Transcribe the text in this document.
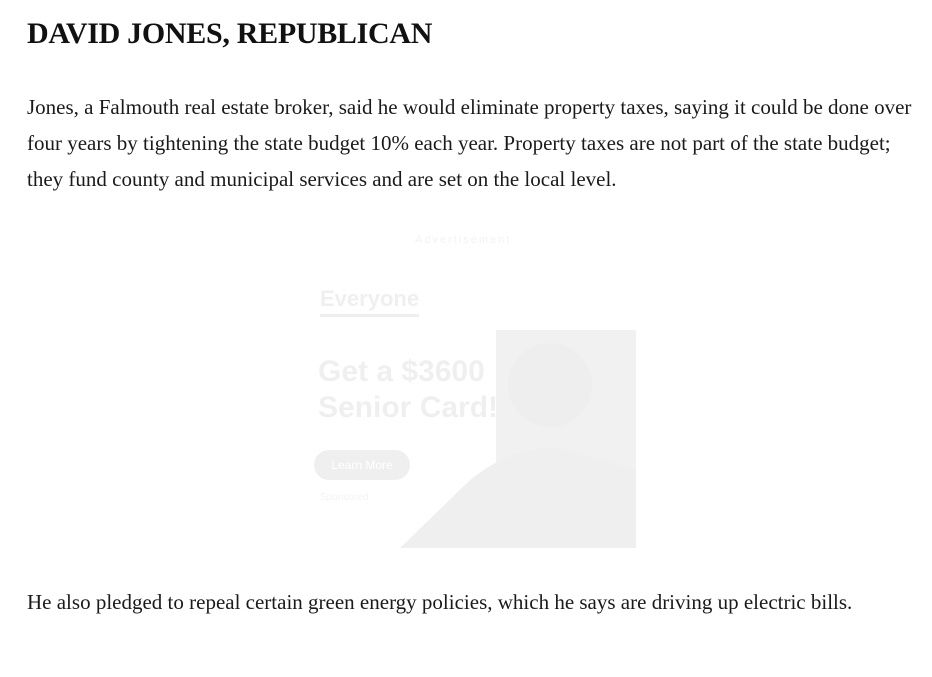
DAVID JONES, REPUBLICAN

Jones, a Falmouth real estate broker, said he would eliminate property taxes, saying it could be done over four years by tightening the state budget 10% each year. Property taxes are not part of the state budget; they fund county and municipal services and are set on the local level.

Advertisement
Everyone
Get a $3600 Senior Card!
Learn More
Sponsored

He also pledged to repeal certain green energy policies, which he says are driving up electric bills.
